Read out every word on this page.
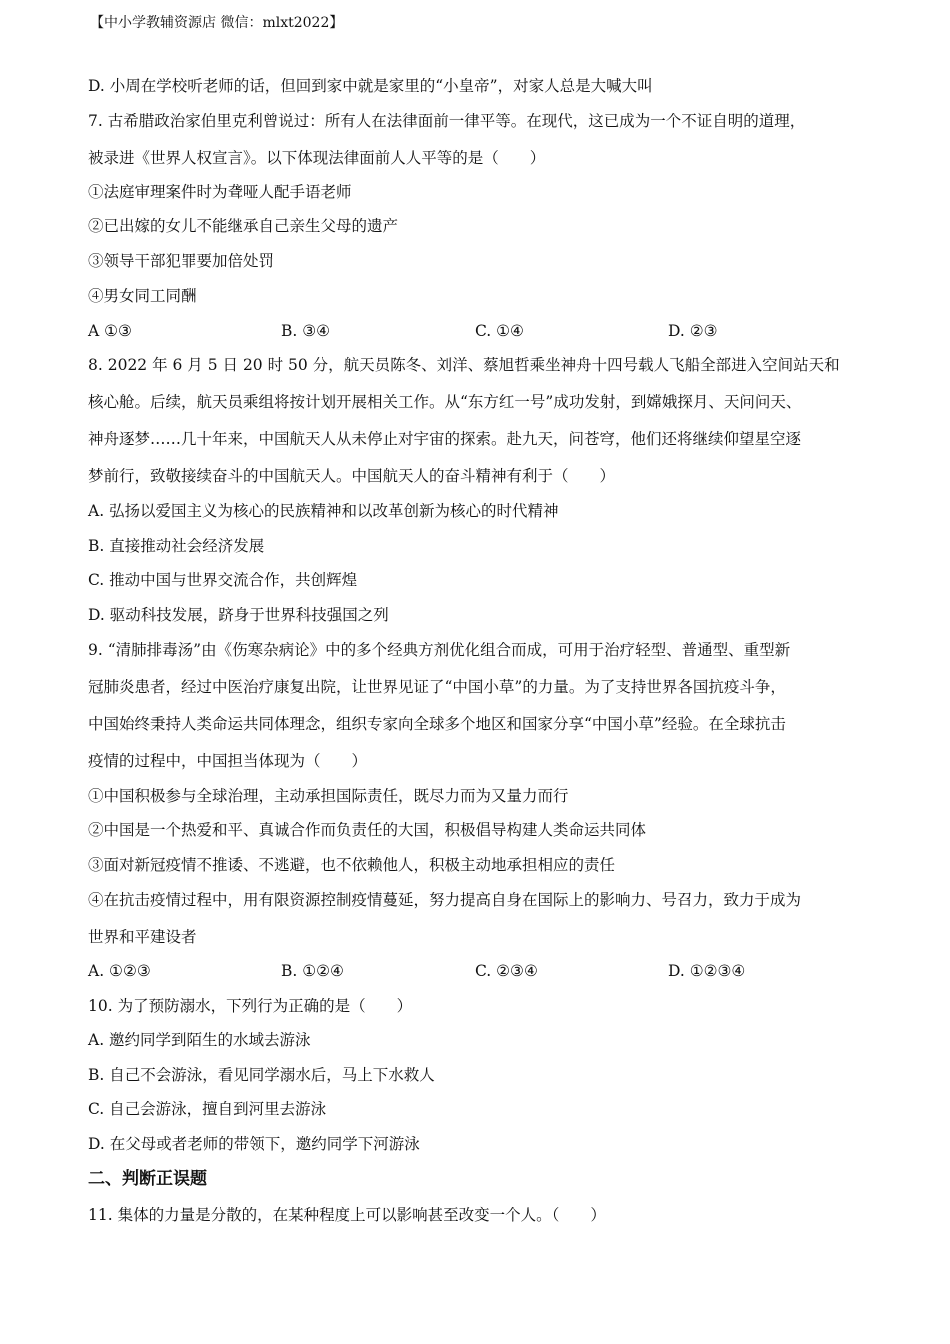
【中小学教辅资源店 微信：mlxt2022】
D. 小周在学校听老师的话，但回到家中就是家里的“小皇帝”，对家人总是大喊大叫
7. 古希腊政治家伯里克利曾说过：所有人在法律面前一律平等。在现代，这已成为一个不证自明的道理，
被录进《世界人权宣言》。以下体现法律面前人人平等的是（　　）
①法庭审理案件时为聋哑人配手语老师
②已出嫁的女儿不能继承自己亲生父母的遗产
③领导干部犯罪要加倍处罚
④男女同工同酬
A ①③	B. ③④	C. ①④	D. ②③
8. 2022 年 6 月 5 日 20 时 50 分，航天员陈冬、刘洋、蔡旭哲乘坐神舟十四号载人飞船全部进入空间站天和
核心舱。后续，航天员乘组将按计划开展相关工作。从“东方红一号”成功发射，到嫦娥探月、天问问天、
神舟逐梦……几十年来，中国航天人从未停止对宇宙的探索。赴九天，问苍穹，他们还将继续仰望星空逐
梦前行，致敬接续奋斗的中国航天人。中国航天人的奋斗精神有利于（　　）
A. 弘扬以爱国主义为核心的民族精神和以改革创新为核心的时代精神
B. 直接推动社会经济发展
C. 推动中国与世界交流合作，共创辉煌
D. 驱动科技发展，跻身于世界科技强国之列
9. “清肺排毒汤”由《伤寒杂病论》中的多个经典方剂优化组合而成，可用于治疗轻型、普通型、重型新
冠肺炎患者，经过中医治疗康复出院，让世界见证了“中国小草”的力量。为了支持世界各国抗疫斗争，
中国始终秉持人类命运共同体理念，组织专家向全球多个地区和国家分享“中国小草”经验。在全球抗击
疫情的过程中，中国担当体现为（　　）
①中国积极参与全球治理，主动承担国际责任，既尽力而为又量力而行
②中国是一个热爱和平、真诚合作而负责任的大国，积极倡导构建人类命运共同体
③面对新冠疫情不推诿、不逃避，也不依赖他人，积极主动地承担相应的责任
④在抗击疫情过程中，用有限资源控制疫情蔓延，努力提高自身在国际上的影响力、号召力，致力于成为
世界和平建设者
A. ①②③	B. ①②④	C. ②③④	D. ①②③④
10. 为了预防溺水，下列行为正确的是（　　）
A. 邀约同学到陌生的水域去游泳
B. 自己不会游泳，看见同学溺水后，马上下水救人
C. 自己会游泳，擅自到河里去游泳
D. 在父母或者老师的带领下，邀约同学下河游泳
二、判断正误题
11. 集体的力量是分散的，在某种程度上可以影响甚至改变一个人。（　　）
